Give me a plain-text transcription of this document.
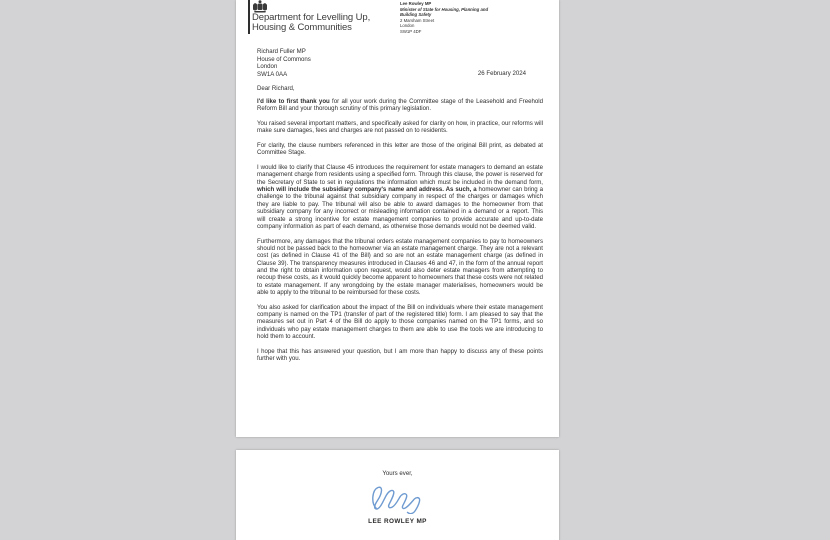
Department for Levelling Up,
Housing & Communities
Lee Rowley MP
Minister of State for Housing, Planning and
Building Safety
2 Marsham Street
London
SW1P 4DF
Richard Fuller MP
House of Commons
London
SW1A 0AA	26 February 2024
Dear Richard,

I'd like to first thank you for all your work during the Committee stage of the Leasehold and Freehold Reform Bill and your thorough scrutiny of this primary legislation.

You raised several important matters, and specifically asked for clarity on how, in practice, our reforms will make sure damages, fees and charges are not passed on to residents.

For clarity, the clause numbers referenced in this letter are those of the original Bill print, as debated at Committee Stage.

I would like to clarify that Clause 45 introduces the requirement for estate managers to demand an estate management charge from residents using a specified form. Through this clause, the power is reserved for the Secretary of State to set in regulations the information which must be included in the demand form, which will include the subsidiary company's name and address. As such, a homeowner can bring a challenge to the tribunal against that subsidiary company in respect of the charges or damages which they are liable to pay. The tribunal will also be able to award damages to the homeowner from that subsidiary company for any incorrect or misleading information contained in a demand or a report. This will create a strong incentive for estate management companies to provide accurate and up-to-date company information as part of each demand, as otherwise those demands would not be deemed valid.

Furthermore, any damages that the tribunal orders estate management companies to pay to homeowners should not be passed back to the homeowner via an estate management charge. They are not a relevant cost (as defined in Clause 41 of the Bill) and so are not an estate management charge (as defined in Clause 39). The transparency measures introduced in Clauses 46 and 47, in the form of the annual report and the right to obtain information upon request, would also deter estate managers from attempting to recoup these costs, as it would quickly become apparent to homeowners that these costs were not related to estate management. If any wrongdoing by the estate manager materialises, homeowners would be able to apply to the tribunal to be reimbursed for these costs.

You also asked for clarification about the impact of the Bill on individuals where their estate management company is named on the TP1 (transfer of part of the registered title) form. I am pleased to say that the measures set out in Part 4 of the Bill do apply to those companies named on the TP1 forms, and so individuals who pay estate management charges to them are able to use the tools we are introducing to hold them to account.

I hope that this has answered your question, but I am more than happy to discuss any of these points further with you.

Yours ever,
LEE ROWLEY MP
